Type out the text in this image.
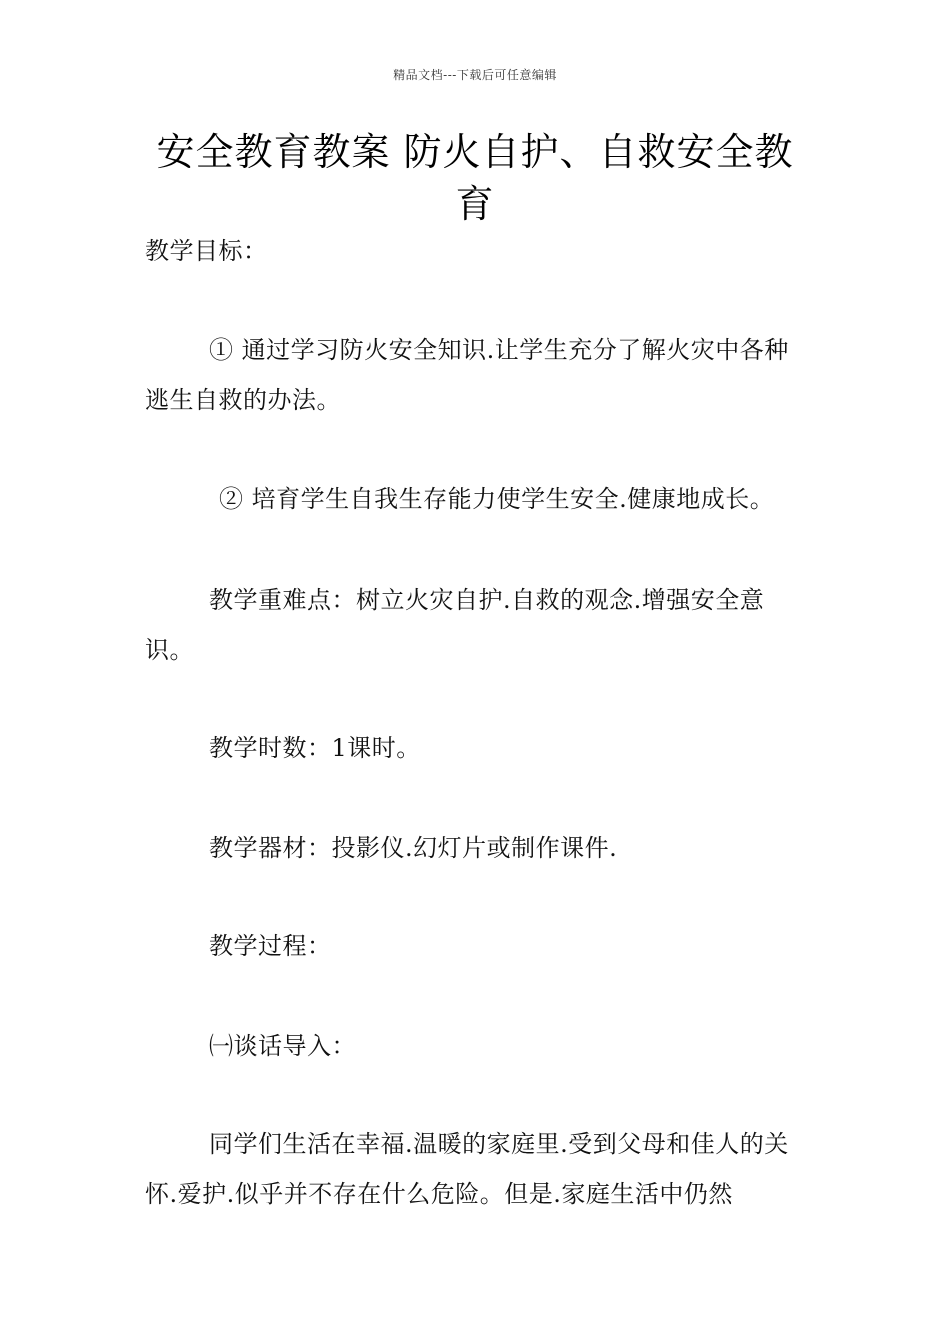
精品文档---下载后可任意编辑
安全教育教案 防火自护、自救安全教育

教学目标：

① 通过学习防火安全知识.让学生充分了解火灾中各种逃生自救的办法。

② 培育学生自我生存能力使学生安全.健康地成长。

教学重难点：树立火灾自护.自救的观念.增强安全意识。

教学时数：1课时。

教学器材：投影仪.幻灯片或制作课件.

教学过程：

㈠谈话导入：

同学们生活在幸福.温暖的家庭里.受到父母和佳人的关怀.爱护.似乎并不存在什么危险。但是.家庭生活中仍然
